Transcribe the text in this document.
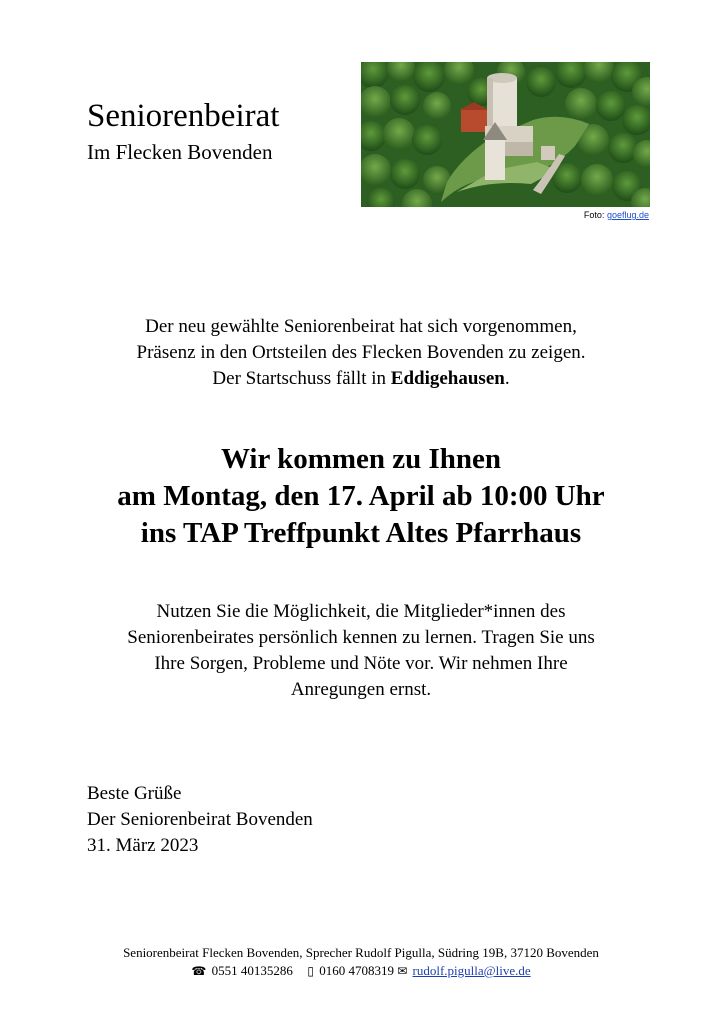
Seniorenbeirat
Im Flecken Bovenden
Foto: goeflug.de
Der neu gewählte Seniorenbeirat hat sich vorgenommen,
Präsenz in den Ortsteilen des Flecken Bovenden zu zeigen.
Der Startschuss fällt in Eddigehausen.
Wir kommen zu Ihnen
am Montag, den 17. April ab 10:00 Uhr
ins TAP Treffpunkt Altes Pfarrhaus
Nutzen Sie die Möglichkeit, die Mitglieder*innen des
Seniorenbeirates persönlich kennen zu lernen. Tragen Sie uns
Ihre Sorgen, Probleme und Nöte vor. Wir nehmen Ihre
Anregungen ernst.
Beste Grüße
Der Seniorenbeirat Bovenden
31. März 2023
Seniorenbeirat Flecken Bovenden, Sprecher Rudolf Pigulla, Südring 19B, 37120 Bovenden
☎ 0551 40135286 ▯ 0160 4708319 ✉ rudolf.pigulla@live.de
